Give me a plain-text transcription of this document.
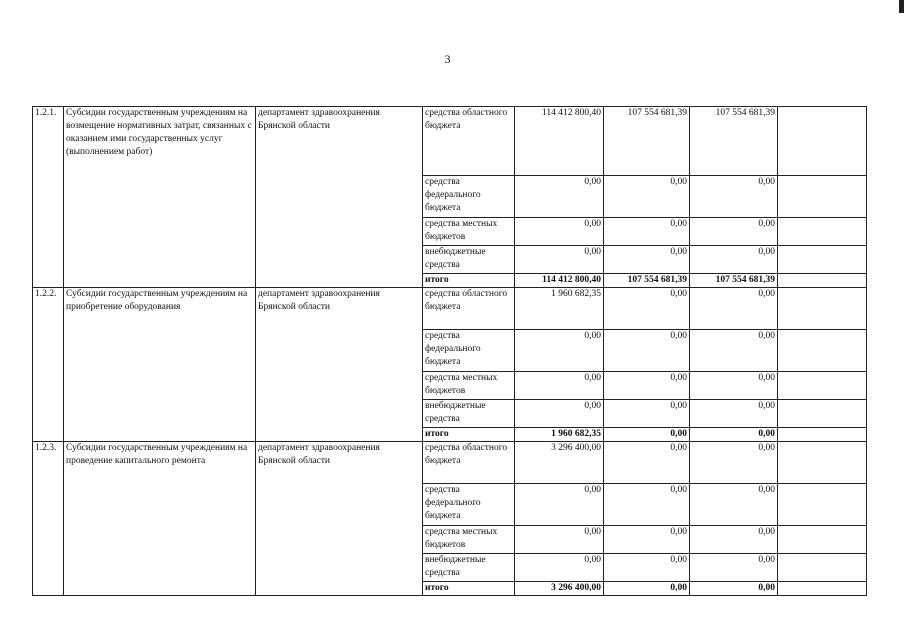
3
1.2.1.	Субсидии государственным учреждениям на возмещение нормативных затрат, связанных с оказанием ими государственных услуг (выполнением работ)	департамент здравоохранения Брянской области	средства областного бюджета	114 412 800,40	107 554 681,39	107 554 681,39	
			средства федерального бюджета	0,00	0,00	0,00	
			средства местных бюджетов	0,00	0,00	0,00	
			внебюджетные средства	0,00	0,00	0,00	
			итого	114 412 800,40	107 554 681,39	107 554 681,39	
1.2.2.	Субсидии государственным учреждениям на приобретение оборудования	департамент здравоохранения Брянской области	средства областного бюджета	1 960 682,35	0,00	0,00	
			средства федерального бюджета	0,00	0,00	0,00	
			средства местных бюджетов	0,00	0,00	0,00	
			внебюджетные средства	0,00	0,00	0,00	
			итого	1 960 682,35	0,00	0,00	
1.2.3.	Субсидии государственным учреждениям на проведение капитального ремонта	департамент здравоохранения Брянской области	средства областного бюджета	3 296 400,00	0,00	0,00	
			средства федерального бюджета	0,00	0,00	0,00	
			средства местных бюджетов	0,00	0,00	0,00	
			внебюджетные средства	0,00	0,00	0,00	
			итого	3 296 400,00	0,00	0,00	
